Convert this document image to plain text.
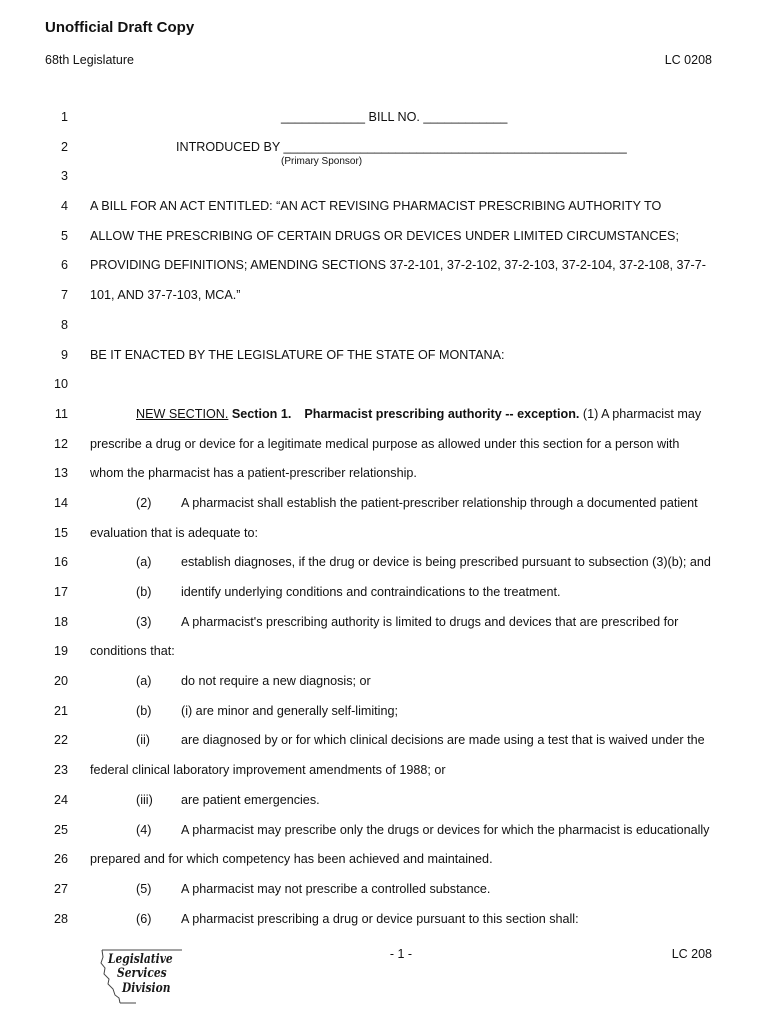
Unofficial Draft Copy
68th Legislature	LC 0208
1	____________ BILL NO. ____________
2	INTRODUCED BY _________________________________________________
(Primary Sponsor)
3
4 A BILL FOR AN ACT ENTITLED: “AN ACT REVISING PHARMACIST PRESCRIBING AUTHORITY TO
5 ALLOW THE PRESCRIBING OF CERTAIN DRUGS OR DEVICES UNDER LIMITED CIRCUMSTANCES;
6 PROVIDING DEFINITIONS; AMENDING SECTIONS 37-2-101, 37-2-102, 37-2-103, 37-2-104, 37-2-108, 37-7-
7 101, AND 37-7-103, MCA.”
8
9 BE IT ENACTED BY THE LEGISLATURE OF THE STATE OF MONTANA:
10
11	NEW SECTION. Section 1. Pharmacist prescribing authority -- exception. (1) A pharmacist may
12 prescribe a drug or device for a legitimate medical purpose as allowed under this section for a person with
13 whom the pharmacist has a patient-prescriber relationship.
14	(2) A pharmacist shall establish the patient-prescriber relationship through a documented patient
15 evaluation that is adequate to:
16	(a) establish diagnoses, if the drug or device is being prescribed pursuant to subsection (3)(b); and
17	(b) identify underlying conditions and contraindications to the treatment.
18	(3) A pharmacist's prescribing authority is limited to drugs and devices that are prescribed for
19 conditions that:
20	(a) do not require a new diagnosis; or
21	(b) (i) are minor and generally self-limiting;
22	(ii) are diagnosed by or for which clinical decisions are made using a test that is waived under the
23 federal clinical laboratory improvement amendments of 1988; or
24	(iii) are patient emergencies.
25	(4) A pharmacist may prescribe only the drugs or devices for which the pharmacist is educationally
26 prepared and for which competency has been achieved and maintained.
27	(5) A pharmacist may not prescribe a controlled substance.
28	(6) A pharmacist prescribing a drug or device pursuant to this section shall:
Legislative
Services
Division
- 1 -	LC 208
